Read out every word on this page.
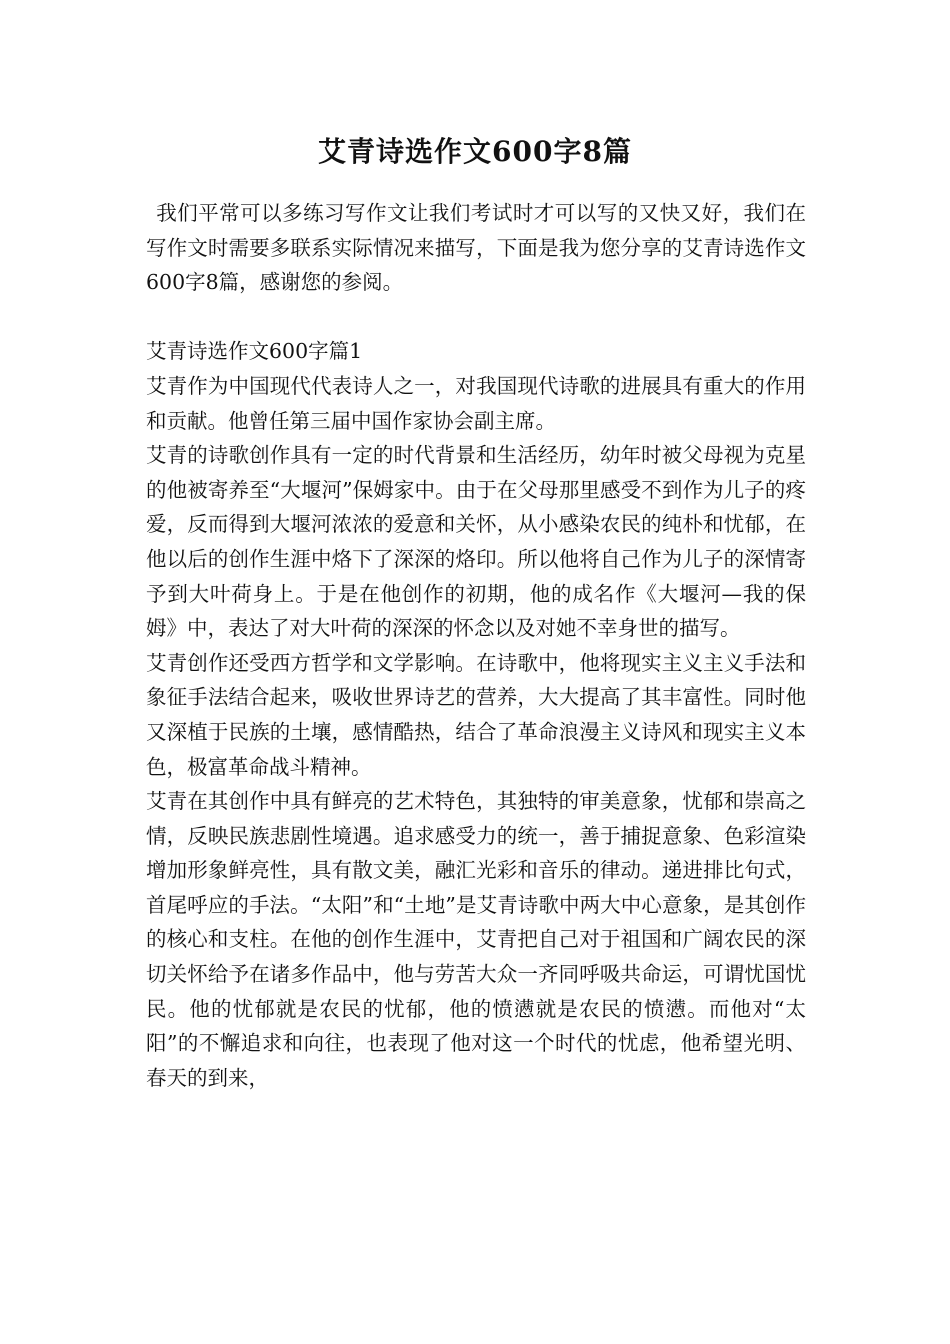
艾青诗选作文600字8篇

我们平常可以多练习写作文让我们考试时才可以写的又快又好，我们在写作文时需要多联系实际情况来描写，下面是我为您分享的艾青诗选作文600字8篇，感谢您的参阅。

艾青诗选作文600字篇1

艾青作为中国现代代表诗人之一，对我国现代诗歌的进展具有重大的作用和贡献。他曾任第三届中国作家协会副主席。

艾青的诗歌创作具有一定的时代背景和生活经历，幼年时被父母视为克星的他被寄养至“大堰河”保姆家中。由于在父母那里感受不到作为儿子的疼爱，反而得到大堰河浓浓的爱意和关怀，从小感染农民的纯朴和忧郁，在他以后的创作生涯中烙下了深深的烙印。所以他将自己作为儿子的深情寄予到大叶荷身上。于是在他创作的初期，他的成名作《大堰河—我的保姆》中，表达了对大叶荷的深深的怀念以及对她不幸身世的描写。

艾青创作还受西方哲学和文学影响。在诗歌中，他将现实主义主义手法和象征手法结合起来，吸收世界诗艺的营养，大大提高了其丰富性。同时他又深植于民族的土壤，感情酷热，结合了革命浪漫主义诗风和现实主义本色，极富革命战斗精神。

艾青在其创作中具有鲜亮的艺术特色，其独特的审美意象，忧郁和崇高之情，反映民族悲剧性境遇。追求感受力的统一，善于捕捉意象、色彩渲染增加形象鲜亮性，具有散文美，融汇光彩和音乐的律动。递进排比句式，首尾呼应的手法。“太阳”和“土地”是艾青诗歌中两大中心意象，是其创作的核心和支柱。在他的创作生涯中，艾青把自己对于祖国和广阔农民的深切关怀给予在诸多作品中，他与劳苦大众一齐同呼吸共命运，可谓忧国忧民。他的忧郁就是农民的忧郁，他的愤懑就是农民的愤懑。而他对“太阳”的不懈追求和向往，也表现了他对这一个时代的忧虑，他希望光明、春天的到来，
